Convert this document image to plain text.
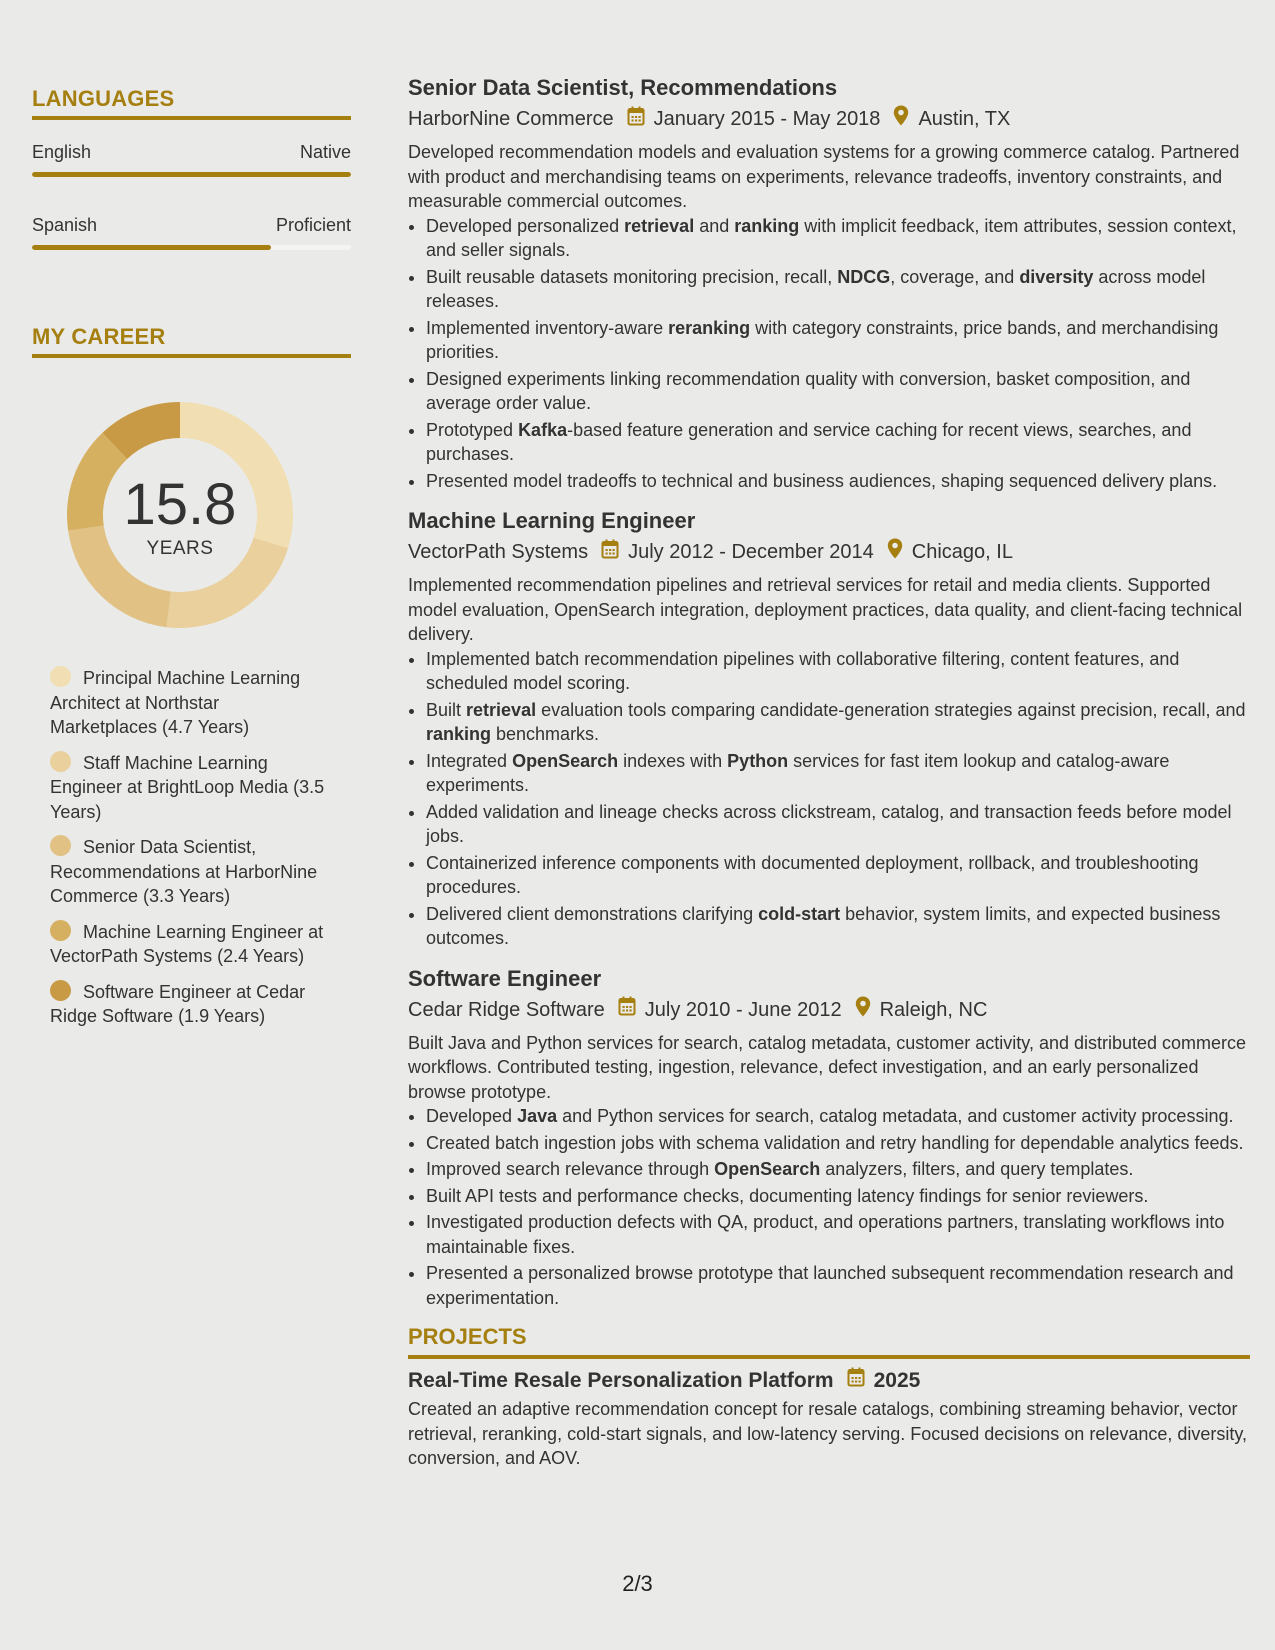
LANGUAGES
English	Native
Spanish	Proficient
MY CAREER
15.8
YEARS
Principal Machine Learning Architect at Northstar Marketplaces (4.7 Years)
Staff Machine Learning Engineer at BrightLoop Media (3.5 Years)
Senior Data Scientist, Recommendations at HarborNine Commerce (3.3 Years)
Machine Learning Engineer at VectorPath Systems (2.4 Years)
Software Engineer at Cedar Ridge Software (1.9 Years)
Senior Data Scientist, Recommendations
HarborNine Commerce January 2015 - May 2018 Austin, TX
Developed recommendation models and evaluation systems for a growing commerce catalog. Partnered with product and merchandising teams on experiments, relevance tradeoffs, inventory constraints, and measurable commercial outcomes.
• Developed personalized retrieval and ranking with implicit feedback, item attributes, session context, and seller signals.
• Built reusable datasets monitoring precision, recall, NDCG, coverage, and diversity across model releases.
• Implemented inventory-aware reranking with category constraints, price bands, and merchandising priorities.
• Designed experiments linking recommendation quality with conversion, basket composition, and average order value.
• Prototyped Kafka-based feature generation and service caching for recent views, searches, and purchases.
• Presented model tradeoffs to technical and business audiences, shaping sequenced delivery plans.
Machine Learning Engineer
VectorPath Systems July 2012 - December 2014 Chicago, IL
Implemented recommendation pipelines and retrieval services for retail and media clients. Supported model evaluation, OpenSearch integration, deployment practices, data quality, and client-facing technical delivery.
• Implemented batch recommendation pipelines with collaborative filtering, content features, and scheduled model scoring.
• Built retrieval evaluation tools comparing candidate-generation strategies against precision, recall, and ranking benchmarks.
• Integrated OpenSearch indexes with Python services for fast item lookup and catalog-aware experiments.
• Added validation and lineage checks across clickstream, catalog, and transaction feeds before model jobs.
• Containerized inference components with documented deployment, rollback, and troubleshooting procedures.
• Delivered client demonstrations clarifying cold-start behavior, system limits, and expected business outcomes.
Software Engineer
Cedar Ridge Software July 2010 - June 2012 Raleigh, NC
Built Java and Python services for search, catalog metadata, customer activity, and distributed commerce workflows. Contributed testing, ingestion, relevance, defect investigation, and an early personalized browse prototype.
• Developed Java and Python services for search, catalog metadata, and customer activity processing.
• Created batch ingestion jobs with schema validation and retry handling for dependable analytics feeds.
• Improved search relevance through OpenSearch analyzers, filters, and query templates.
• Built API tests and performance checks, documenting latency findings for senior reviewers.
• Investigated production defects with QA, product, and operations partners, translating workflows into maintainable fixes.
• Presented a personalized browse prototype that launched subsequent recommendation research and experimentation.
PROJECTS
Real-Time Resale Personalization Platform 2025
Created an adaptive recommendation concept for resale catalogs, combining streaming behavior, vector retrieval, reranking, cold-start signals, and low-latency serving. Focused decisions on relevance, diversity, conversion, and AOV.
2/3
